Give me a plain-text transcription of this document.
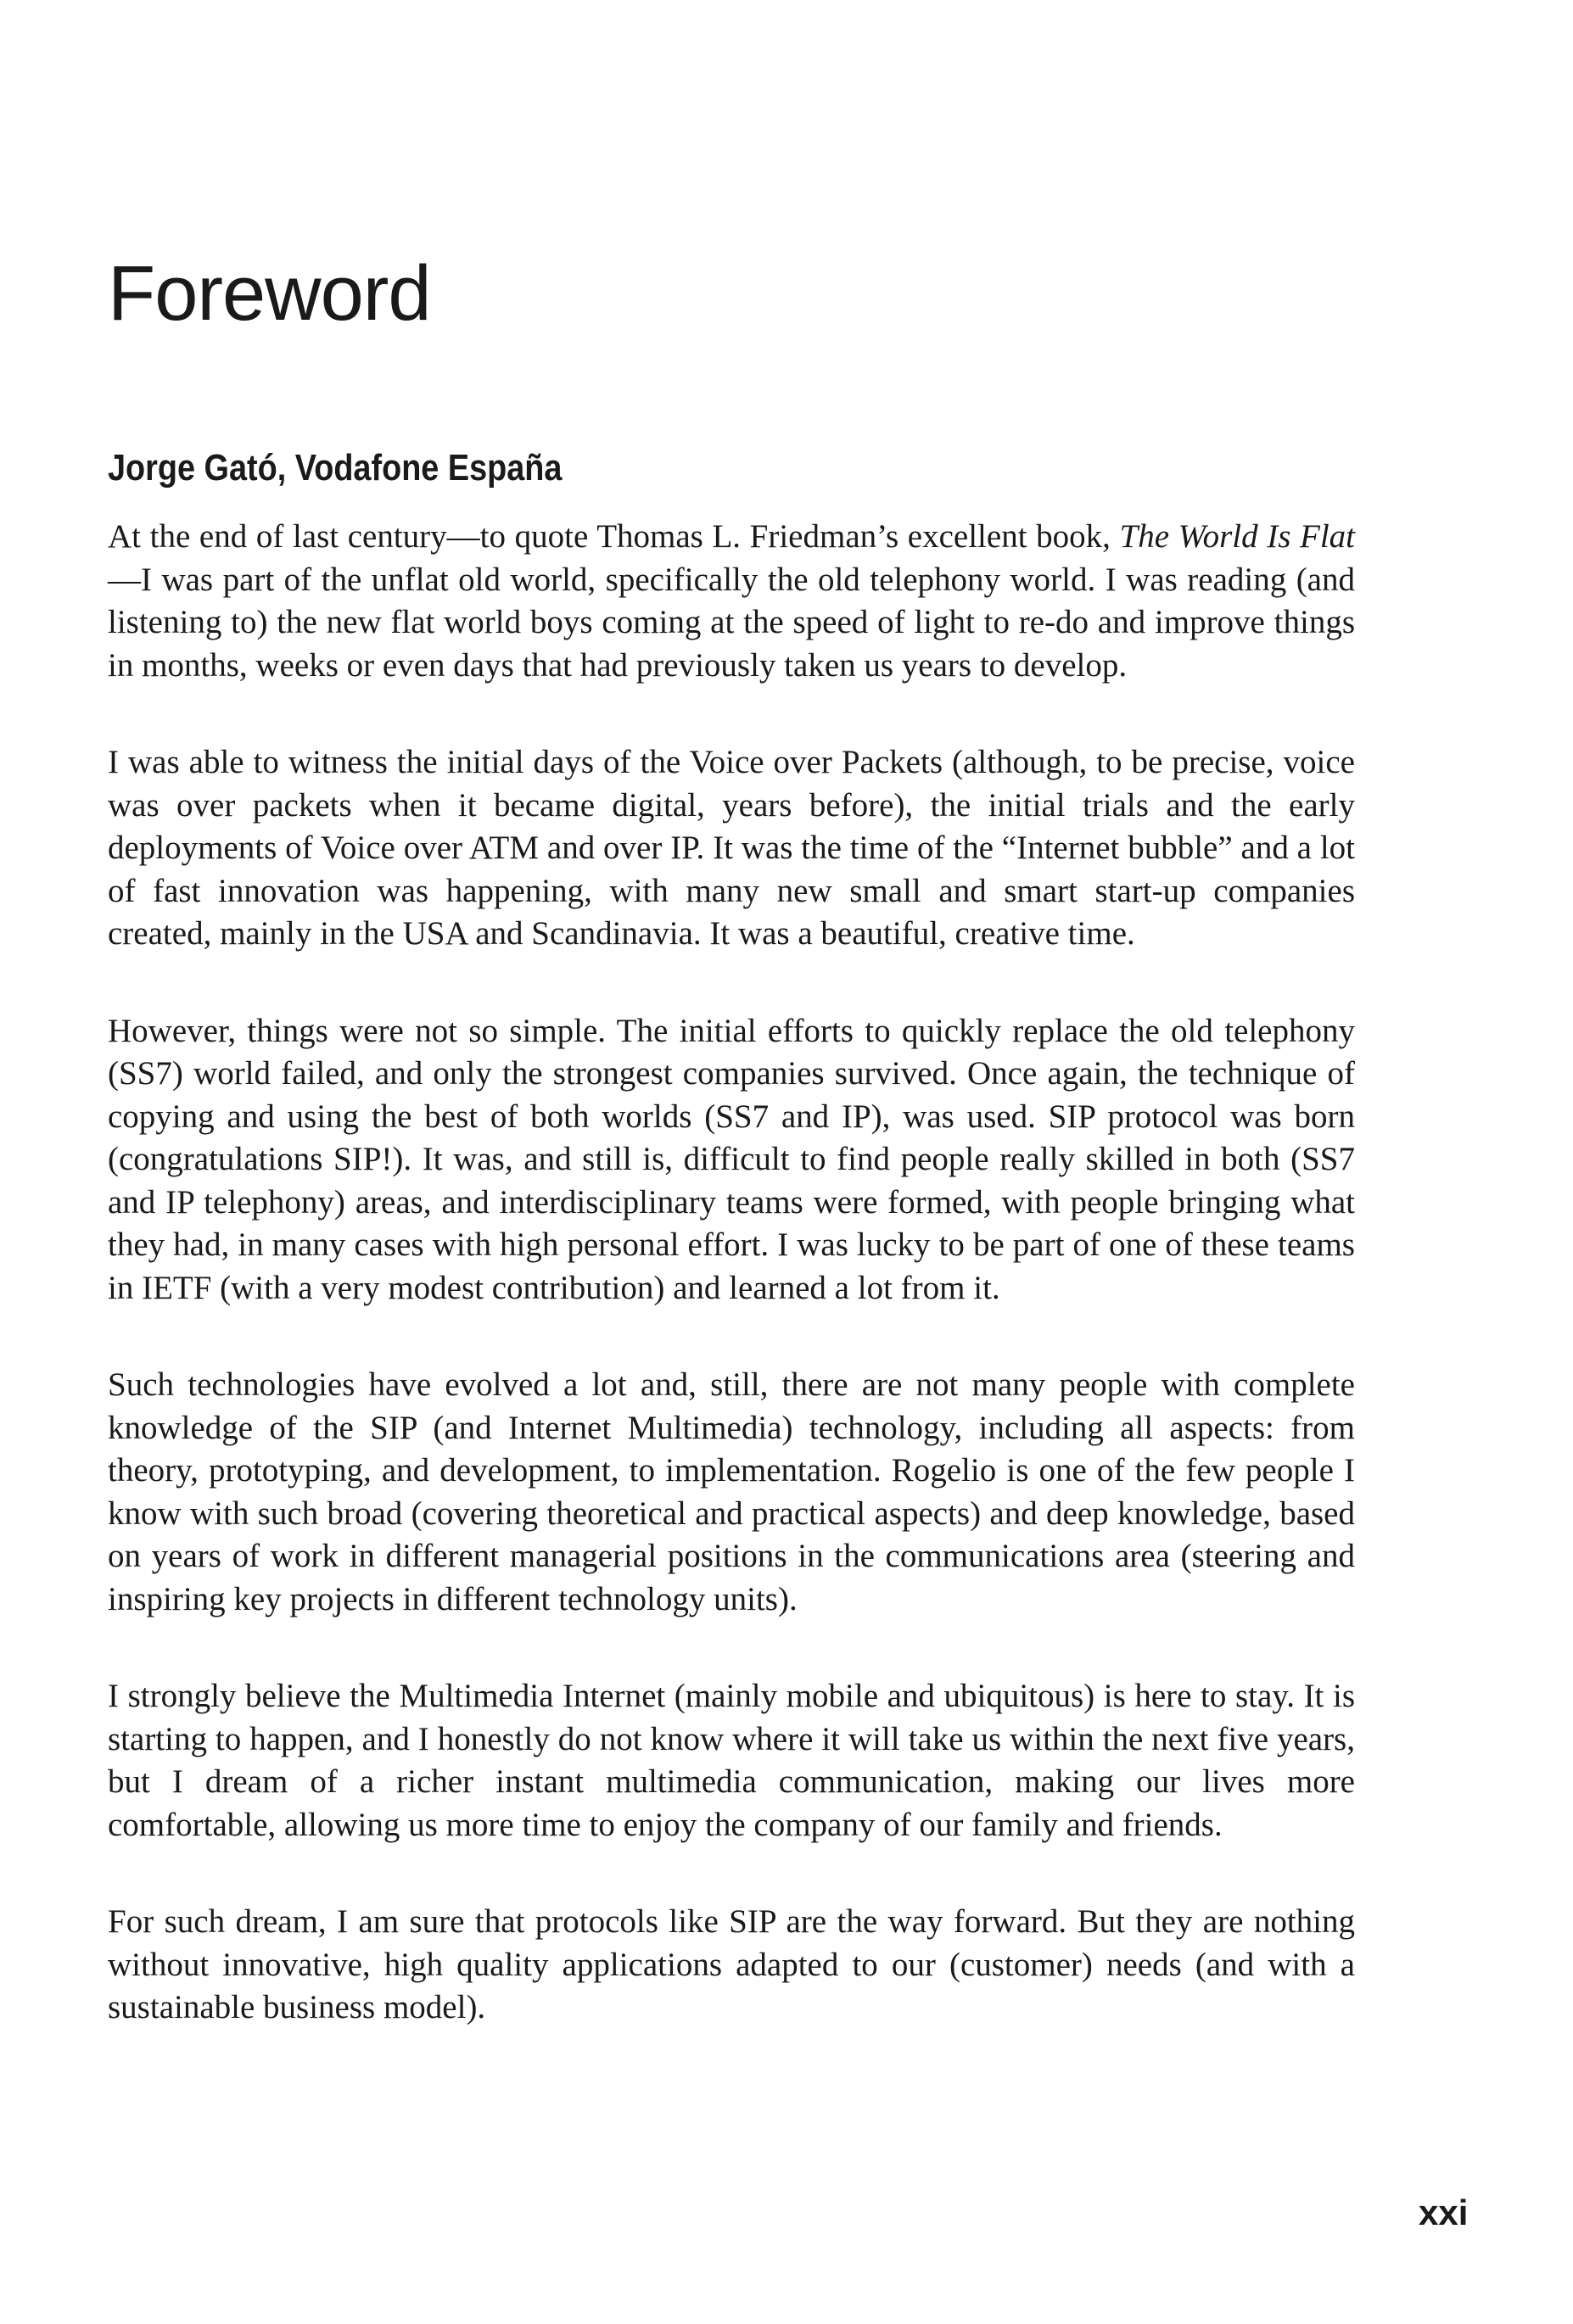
Foreword
Jorge Gató, Vodafone España

At the end of last century—to quote Thomas L. Friedman’s excellent book, The World Is Flat—I was part of the unflat old world, specifically the old telephony world. I was reading (and listening to) the new flat world boys coming at the speed of light to re-do and improve things in months, weeks or even days that had previously taken us years to develop.

I was able to witness the initial days of the Voice over Packets (although, to be precise, voice was over packets when it became digital, years before), the initial trials and the early deployments of Voice over ATM and over IP. It was the time of the “Internet bubble” and a lot of fast innovation was happening, with many new small and smart start-up companies created, mainly in the USA and Scandinavia. It was a beautiful, creative time.

However, things were not so simple. The initial efforts to quickly replace the old telephony (SS7) world failed, and only the strongest companies survived. Once again, the technique of copying and using the best of both worlds (SS7 and IP), was used. SIP protocol was born (congratulations SIP!). It was, and still is, difficult to find people really skilled in both (SS7 and IP telephony) areas, and interdisciplinary teams were formed, with people bringing what they had, in many cases with high personal effort. I was lucky to be part of one of these teams in IETF (with a very modest contribution) and learned a lot from it.

Such technologies have evolved a lot and, still, there are not many people with complete knowledge of the SIP (and Internet Multimedia) technology, including all aspects: from theory, prototyping, and development, to implementation. Rogelio is one of the few people I know with such broad (covering theoretical and practical aspects) and deep knowledge, based on years of work in different managerial positions in the communications area (steering and inspiring key projects in different technology units).

I strongly believe the Multimedia Internet (mainly mobile and ubiquitous) is here to stay. It is starting to happen, and I honestly do not know where it will take us within the next five years, but I dream of a richer instant multimedia communication, making our lives more comfortable, allowing us more time to enjoy the company of our family and friends.

For such dream, I am sure that protocols like SIP are the way forward. But they are nothing without innovative, high quality applications adapted to our (customer) needs (and with a sustainable business model).

xxi
